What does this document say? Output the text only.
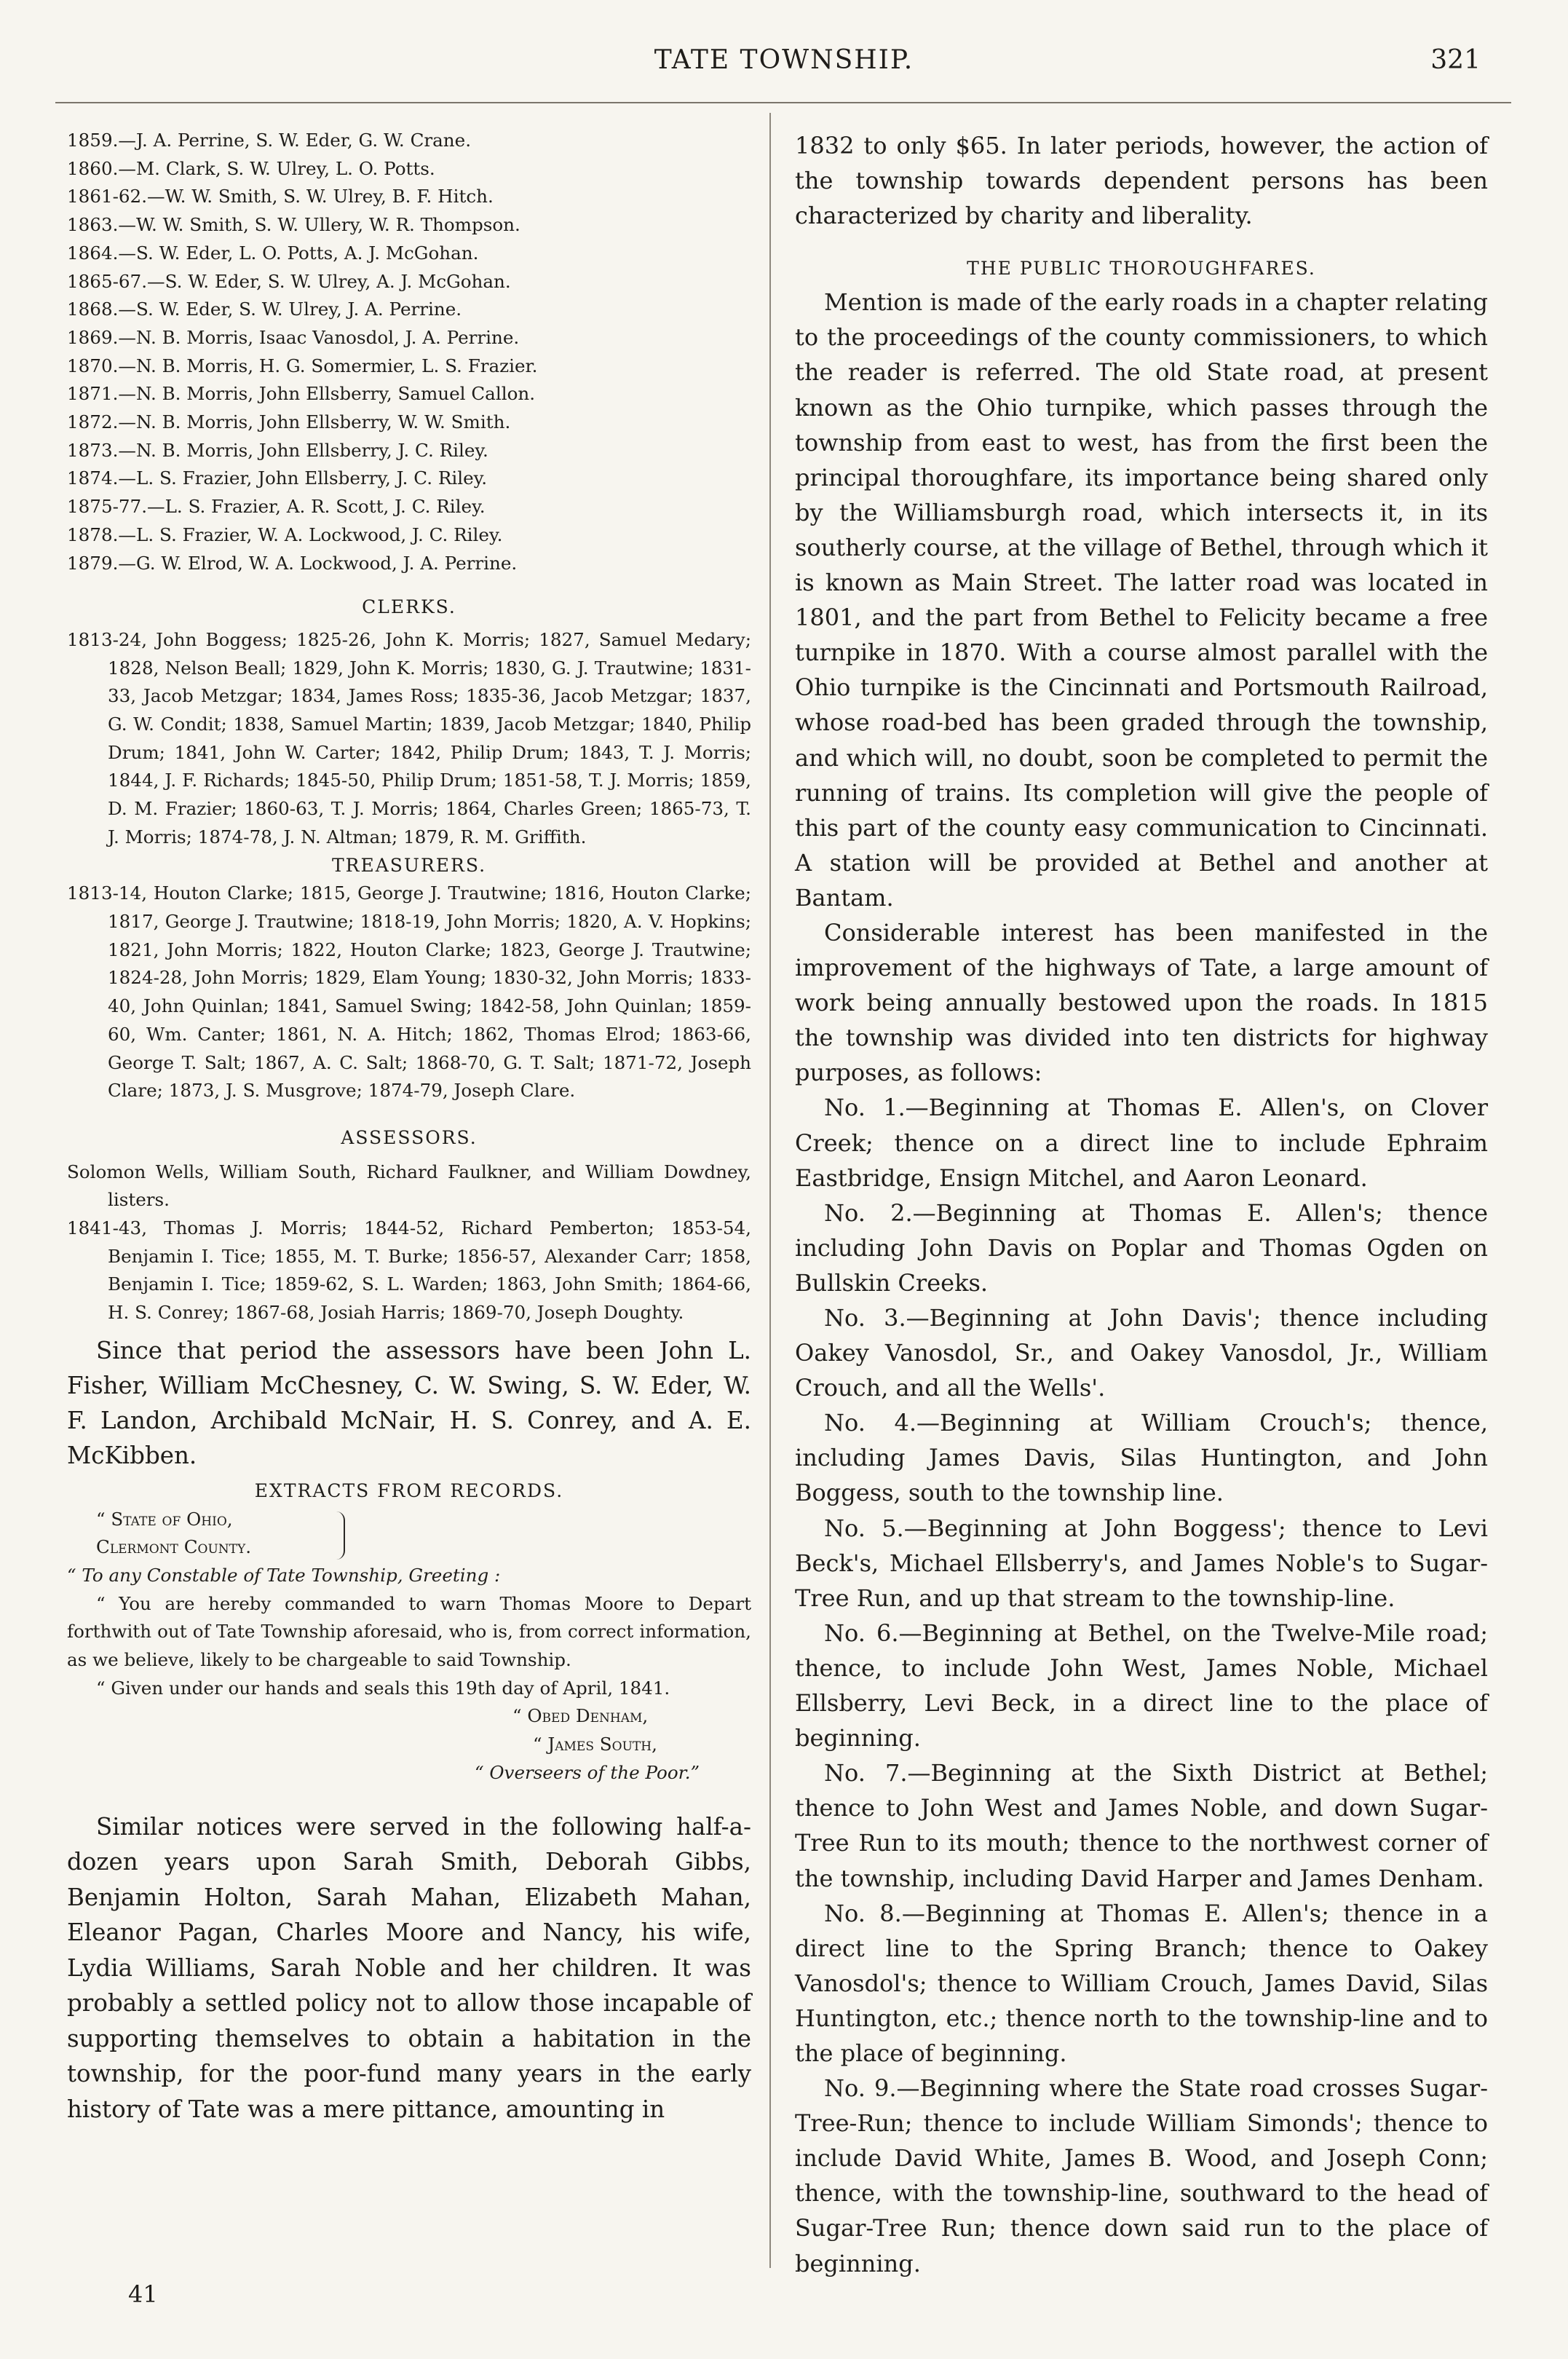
TATE TOWNSHIP.	321

1859.—J. A. Perrine, S. W. Eder, G. W. Crane.

1860.—M. Clark, S. W. Ulrey, L. O. Potts.

1861-62.—W. W. Smith, S. W. Ulrey, B. F. Hitch.

1863.—W. W. Smith, S. W. Ullery, W. R. Thompson.

1864.—S. W. Eder, L. O. Potts, A. J. McGohan.

1865-67.—S. W. Eder, S. W. Ulrey, A. J. McGohan.

1868.—S. W. Eder, S. W. Ulrey, J. A. Perrine.

1869.—N. B. Morris, Isaac Vanosdol, J. A. Perrine.

1870.—N. B. Morris, H. G. Somermier, L. S. Frazier.

1871.—N. B. Morris, John Ellsberry, Samuel Callon.

1872.—N. B. Morris, John Ellsberry, W. W. Smith.

1873.—N. B. Morris, John Ellsberry, J. C. Riley.

1874.—L. S. Frazier, John Ellsberry, J. C. Riley.

1875-77.—L. S. Frazier, A. R. Scott, J. C. Riley.

1878.—L. S. Frazier, W. A. Lockwood, J. C. Riley.

1879.—G. W. Elrod, W. A. Lockwood, J. A. Perrine.

CLERKS.

1813-24, John Boggess; 1825-26, John K. Morris; 1827, Samuel Medary; 1828, Nelson Beall; 1829, John K. Morris; 1830, G. J. Trautwine; 1831-33, Jacob Metzgar; 1834, James Ross; 1835-36, Jacob Metzgar; 1837, G. W. Condit; 1838, Samuel Martin; 1839, Jacob Metzgar; 1840, Philip Drum; 1841, John W. Carter; 1842, Philip Drum; 1843, T. J. Morris; 1844, J. F. Richards; 1845-50, Philip Drum; 1851-58, T. J. Morris; 1859, D. M. Frazier; 1860-63, T. J. Morris; 1864, Charles Green; 1865-73, T. J. Morris; 1874-78, J. N. Altman; 1879, R. M. Griffith.

TREASURERS.

1813-14, Houton Clarke; 1815, George J. Trautwine; 1816, Houton Clarke; 1817, George J. Trautwine; 1818-19, John Morris; 1820, A. V. Hopkins; 1821, John Morris; 1822, Houton Clarke; 1823, George J. Trautwine; 1824-28, John Morris; 1829, Elam Young; 1830-32, John Morris; 1833-40, John Quinlan; 1841, Samuel Swing; 1842-58, John Quinlan; 1859-60, Wm. Canter; 1861, N. A. Hitch; 1862, Thomas Elrod; 1863-66, George T. Salt; 1867, A. C. Salt; 1868-70, G. T. Salt; 1871-72, Joseph Clare; 1873, J. S. Musgrove; 1874-79, Joseph Clare.

ASSESSORS.

Solomon Wells, William South, Richard Faulkner, and William Dowdney, listers.

1841-43, Thomas J. Morris; 1844-52, Richard Pemberton; 1853-54, Benjamin I. Tice; 1855, M. T. Burke; 1856-57, Alexander Carr; 1858, Benjamin I. Tice; 1859-62, S. L. Warden; 1863, John Smith; 1864-66, H. S. Conrey; 1867-68, Josiah Harris; 1869-70, Joseph Doughty.

Since that period the assessors have been John L. Fisher, William McChesney, C. W. Swing, S. W. Eder, W. F. Landon, Archibald McNair, H. S. Conrey, and A. E. McKibben.

EXTRACTS FROM RECORDS.

“ State of Ohio,

Clermont County.

“ To any Constable of Tate Township, Greeting :

“ You are hereby commanded to warn Thomas Moore to Depart forthwith out of Tate Township aforesaid, who is, from correct information, as we believe, likely to be chargeable to said Township.

“ Given under our hands and seals this 19th day of April, 1841.

“ Obed Denham,

“ James South,

“ Overseers of the Poor.”

Similar notices were served in the following half-a-dozen years upon Sarah Smith, Deborah Gibbs, Benjamin Holton, Sarah Mahan, Elizabeth Mahan, Eleanor Pagan, Charles Moore and Nancy, his wife, Lydia Williams, Sarah Noble and her children. It was probably a settled policy not to allow those incapable of supporting themselves to obtain a habitation in the township, for the poor-fund many years in the early history of Tate was a mere pittance, amounting in

41

1832 to only $65. In later periods, however, the action of the township towards dependent persons has been characterized by charity and liberality.

THE PUBLIC THOROUGHFARES.

Mention is made of the early roads in a chapter relating to the proceedings of the county commissioners, to which the reader is referred. The old State road, at present known as the Ohio turnpike, which passes through the township from east to west, has from the first been the principal thoroughfare, its importance being shared only by the Williamsburgh road, which intersects it, in its southerly course, at the village of Bethel, through which it is known as Main Street. The latter road was located in 1801, and the part from Bethel to Felicity became a free turnpike in 1870. With a course almost parallel with the Ohio turnpike is the Cincinnati and Portsmouth Railroad, whose road-bed has been graded through the township, and which will, no doubt, soon be completed to permit the running of trains. Its completion will give the people of this part of the county easy communication to Cincinnati. A station will be provided at Bethel and another at Bantam.

Considerable interest has been manifested in the improvement of the highways of Tate, a large amount of work being annually bestowed upon the roads. In 1815 the township was divided into ten districts for highway purposes, as follows:

No. 1.—Beginning at Thomas E. Allen's, on Clover Creek; thence on a direct line to include Ephraim Eastbridge, Ensign Mitchel, and Aaron Leonard.

No. 2.—Beginning at Thomas E. Allen's; thence including John Davis on Poplar and Thomas Ogden on Bullskin Creeks.

No. 3.—Beginning at John Davis'; thence including Oakey Vanosdol, Sr., and Oakey Vanosdol, Jr., William Crouch, and all the Wells'.

No. 4.—Beginning at William Crouch's; thence, including James Davis, Silas Huntington, and John Boggess, south to the township line.

No. 5.—Beginning at John Boggess'; thence to Levi Beck's, Michael Ellsberry's, and James Noble's to Sugar-Tree Run, and up that stream to the township-line.

No. 6.—Beginning at Bethel, on the Twelve-Mile road; thence, to include John West, James Noble, Michael Ellsberry, Levi Beck, in a direct line to the place of beginning.

No. 7.—Beginning at the Sixth District at Bethel; thence to John West and James Noble, and down Sugar-Tree Run to its mouth; thence to the northwest corner of the township, including David Harper and James Denham.

No. 8.—Beginning at Thomas E. Allen's; thence in a direct line to the Spring Branch; thence to Oakey Vanosdol's; thence to William Crouch, James David, Silas Huntington, etc.; thence north to the township-line and to the place of beginning.

No. 9.—Beginning where the State road crosses Sugar-Tree-Run; thence to include William Simonds'; thence to include David White, James B. Wood, and Joseph Conn; thence, with the township-line, southward to the head of Sugar-Tree Run; thence down said run to the place of beginning.
